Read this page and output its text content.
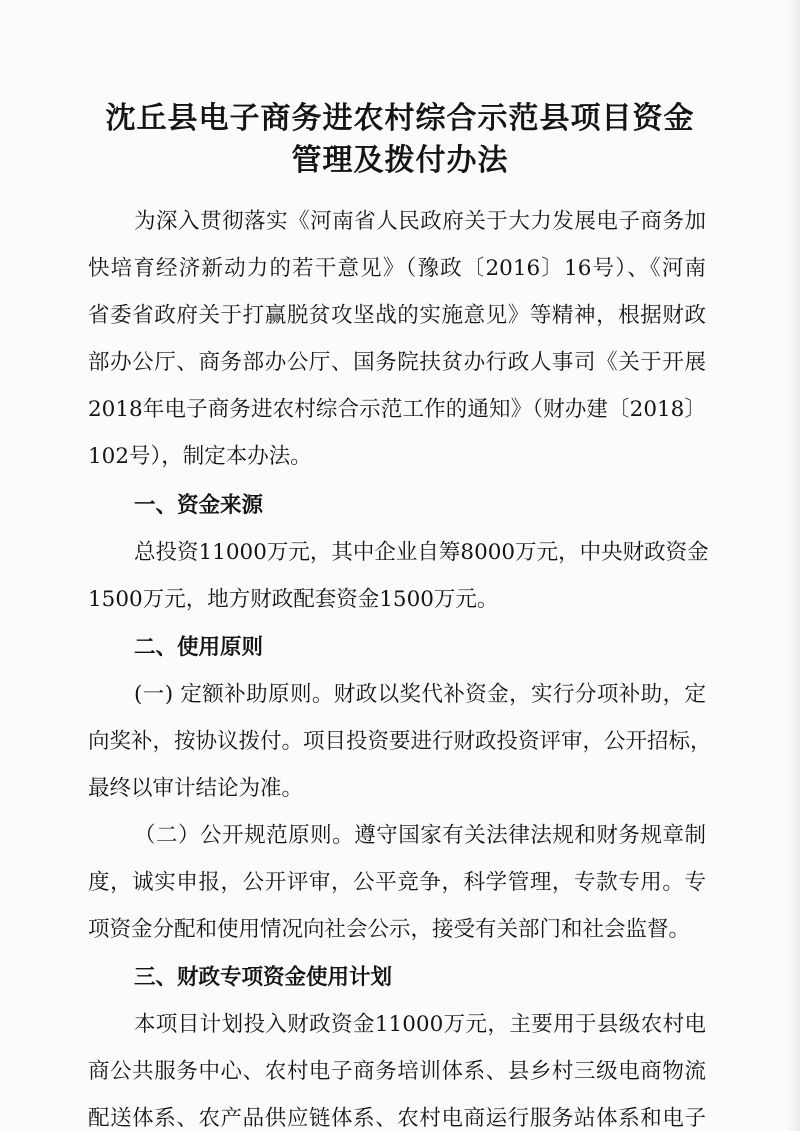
沈丘县电子商务进农村综合示范县项目资金
管理及拨付办法

为深入贯彻落实《河南省人民政府关于大力发展电子商务加

快培育经济新动力的若干意见》（豫政〔2016〕16号）、《河南

省委省政府关于打赢脱贫攻坚战的实施意见》等精神，根据财政

部办公厅、商务部办公厅、国务院扶贫办行政人事司《关于开展

2018年电子商务进农村综合示范工作的通知》（财办建〔2018〕

102号），制定本办法。

一、资金来源

总投资11000万元，其中企业自筹8000万元，中央财政资金

1500万元，地方财政配套资金1500万元。

二、使用原则

(一) 定额补助原则。财政以奖代补资金，实行分项补助，定

向奖补，按协议拨付。项目投资要进行财政投资评审，公开招标，

最终以审计结论为准。

（二）公开规范原则。遵守国家有关法律法规和财务规章制

度，诚实申报，公开评审，公平竞争，科学管理，专款专用。专

项资金分配和使用情况向社会公示，接受有关部门和社会监督。

三、财政专项资金使用计划

本项目计划投入财政资金11000万元，主要用于县级农村电

商公共服务中心、农村电子商务培训体系、县乡村三级电商物流

配送体系、农产品供应链体系、农村电商运行服务站体系和电子
